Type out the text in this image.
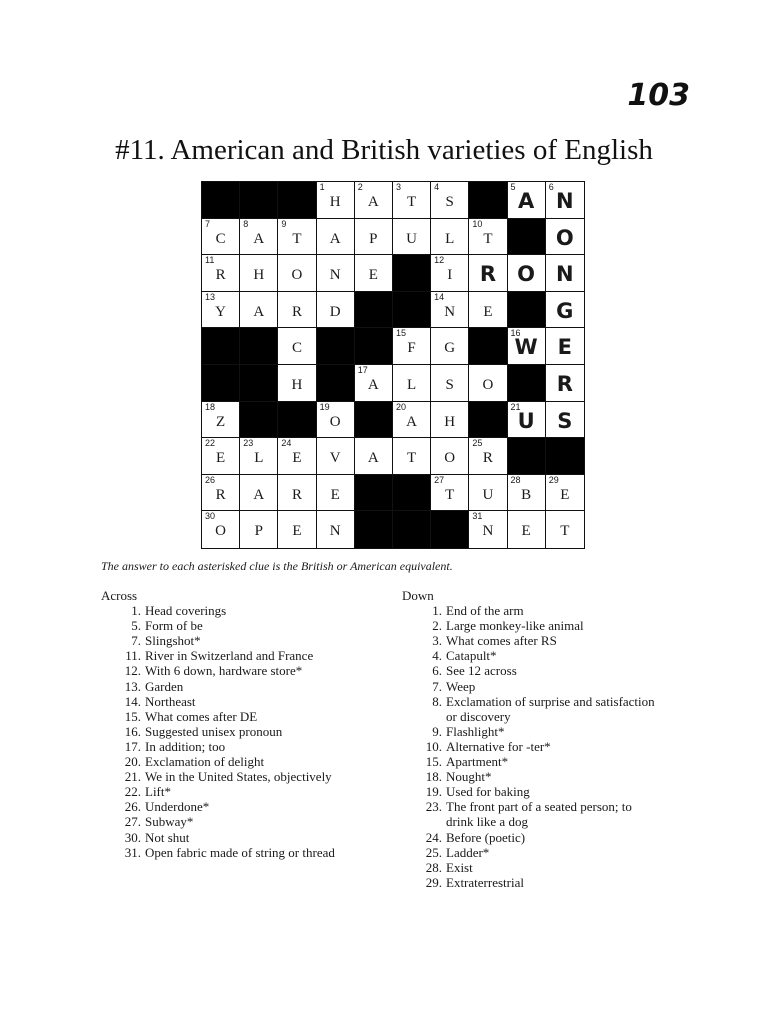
103
#11. American and British varieties of English
1
H
2
A
3
T
4
S
5
A
6
N
7
C
8
A
9
T	A	P	U	L
10
T	O
11
R	H	O	N	E
12
I	R	O N
13
Y	A	R	D
14
N	E	G
C
15
F	G
16
W E
H
17
A	L	S	O	R
18
Z
19
O
20
A	H
21
U	S
22
E
23
L
24
E	V	A	T	O
25
R
26
R	A	R	E
27
T	U
28
B
29
E
30
O	P	E	N
31
N	E	T
The answer to each asterisked clue is the British or American equivalent.
Across
1. Head coverings
5. Form of be
7. Slingshot*
11. River in Switzerland and France
12. With 6 down, hardware store*
13. Garden
14. Northeast
15. What comes after DE
16. Suggested unisex pronoun
17. In addition; too
20. Exclamation of delight
21. We in the United States, objectively
22. Lift*
26. Underdone*
27. Subway*
30. Not shut
31. Open fabric made of string or thread
Down
1. End of the arm
2. Large monkey-like animal
3. What comes after RS
4. Catapult*
6. See 12 across
7. Weep
8. Exclamation of surprise and satisfaction
or discovery
9. Flashlight*
10. Alternative for -ter*
15. Apartment*
18. Nought*
19. Used for baking
23. The front part of a seated person; to
drink like a dog
24. Before (poetic)
25. Ladder*
28. Exist
29. Extraterrestrial
